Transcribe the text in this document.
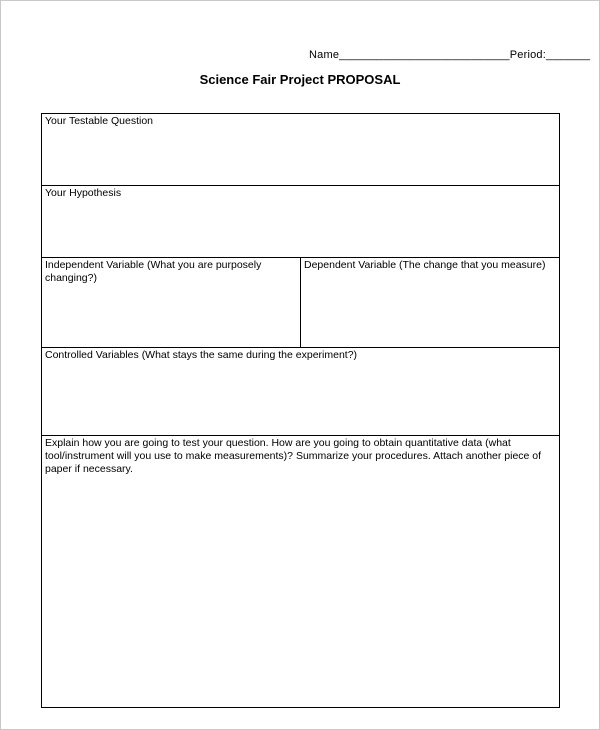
Name___________________________Period:_______
Science Fair Project PROPOSAL
Your Testable Question
Your Hypothesis
Independent Variable (What you are purposely changing?)	Dependent Variable (The change that you measure)
Controlled Variables (What stays the same during the experiment?)
Explain how you are going to test your question. How are you going to obtain quantitative data (what tool/instrument will you use to make measurements)? Summarize your procedures. Attach another piece of paper if necessary.
